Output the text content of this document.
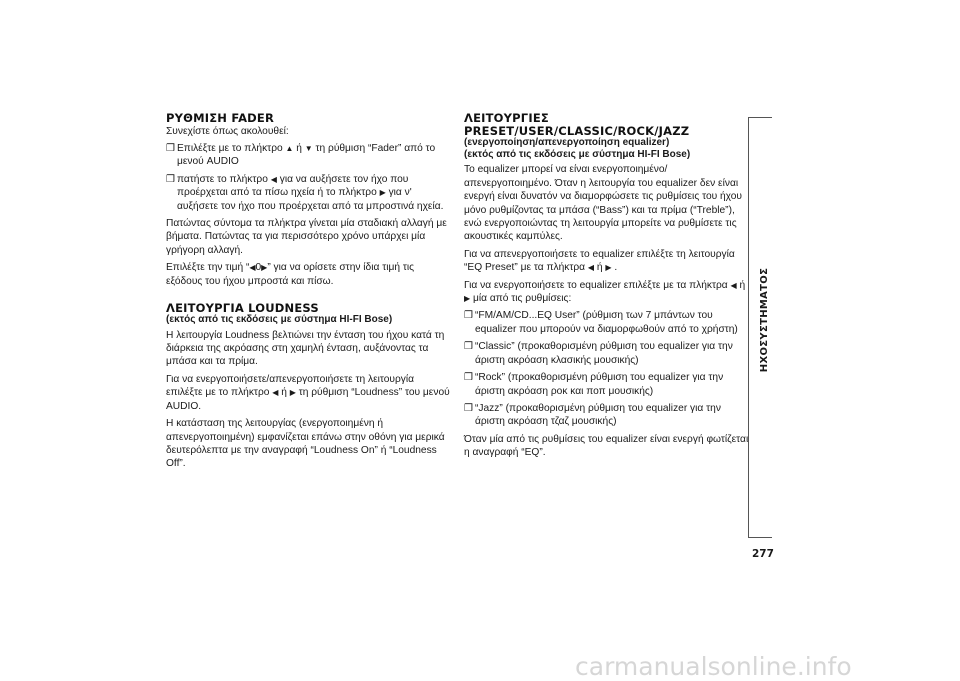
ΡΥΘΜΙΣΗ FADER

Συνεχίστε όπως ακολουθεί:

❒ Επιλέξτε με το πλήκτρο ▲ ή ▼ τη ρύθμιση “Fader” από το μενού AUDIO
❒ πατήστε το πλήκτρο ◀ για να αυξήσετε τον ήχο που προέρχεται από τα πίσω ηχεία ή το πλήκτρο ▶ για ν' αυξήσετε τον ήχο που προέρχεται από τα μπροστινά ηχεία.

Πατώντας σύντομα τα πλήκτρα γίνεται μία σταδιακή αλλαγή με βήματα. Πατώντας τα για περισσότερο χρόνο υπάρχει μία γρήγορη αλλαγή.

Επιλέξτε την τιμή “◀0▶” για να ορίσετε στην ίδια τιμή τις εξόδους του ήχου μπροστά και πίσω.

ΛΕΙΤΟΥΡΓΙΑ LOUDNESS
(εκτός από τις εκδόσεις με σύστημα HI-FI Bose)

Η λειτουργία Loudness βελτιώνει την ένταση του ήχου κατά τη διάρκεια της ακρόασης στη χαμηλή ένταση, αυξάνοντας τα μπάσα και τα πρίμα.

Για να ενεργοποιήσετε/απενεργοποιήσετε τη λειτουργία επιλέξτε με το πλήκτρο ◀ ή ▶ τη ρύθμιση “Loudness” του μενού AUDIO.

Η κατάσταση της λειτουργίας (ενεργοποιημένη ή απενεργοποιημένη) εμφανίζεται επάνω στην οθόνη για μερικά δευτερόλεπτα με την αναγραφή “Loudness On” ή “Loudness Off”.

ΛΕΙΤΟΥΡΓΙΕΣ
PRESET/USER/CLASSIC/ROCK/JAZZ
(ενεργοποίηση/απενεργοποίηση equalizer)
(εκτός από τις εκδόσεις με σύστημα HI-FI Bose)

Το equalizer μπορεί να είναι ενεργοποιημένο/απενεργοποιημένο. Όταν η λειτουργία του equalizer δεν είναι ενεργή είναι δυνατόν να διαμορφώσετε τις ρυθμίσεις του ήχου μόνο ρυθμίζοντας τα μπάσα (“Bass”) και τα πρίμα (“Treble”), ενώ ενεργοποιώντας τη λειτουργία μπορείτε να ρυθμίσετε τις ακουστικές καμπύλες.

Για να απενεργοποιήσετε το equalizer επιλέξτε τη λειτουργία “EQ Preset” με τα πλήκτρα ◀ ή ▶ .

Για να ενεργοποιήσετε το equalizer επιλέξτε με τα πλήκτρα ◀ ή ▶ μία από τις ρυθμίσεις:

❒ “FM/AM/CD...EQ User” (ρύθμιση των 7 μπάντων του equalizer που μπορούν να διαμορφωθούν από το χρήστη)
❒ “Classic” (προκαθορισμένη ρύθμιση του equalizer για την άριστη ακρόαση κλασικής μουσικής)
❒ “Rock” (προκαθορισμένη ρύθμιση του equalizer για την άριστη ακρόαση ροκ και ποπ μουσικής)
❒ “Jazz” (προκαθορισμένη ρύθμιση του equalizer για την άριστη ακρόαση τζαζ μουσικής)

Όταν μία από τις ρυθμίσεις του equalizer είναι ενεργή φωτίζεται η αναγραφή “EQ”.

ΗΧΟΣΥΣΤΗΜΑΤΟΣ
277
carmanualsonline.info
